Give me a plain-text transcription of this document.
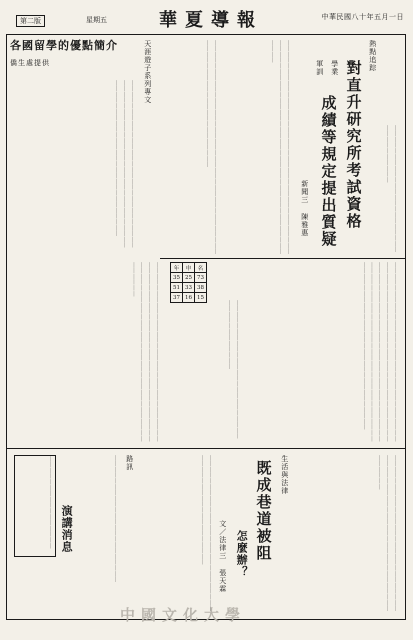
第二版	星期五	華夏導報	中華民國八十年五月一日
熱點追踪
對直升研究所考試資格
學業
軍訓
成績等規定提出質疑
新聞三 陳雅惠
＿＿＿＿＿＿＿＿＿＿＿＿＿＿＿＿＿＿＿＿＿＿＿＿＿＿＿＿＿＿＿＿＿＿＿＿＿＿＿＿＿＿＿＿＿＿＿＿＿＿＿＿＿＿＿＿＿＿＿＿＿＿＿＿＿＿＿＿＿＿＿＿＿＿＿＿＿＿
＿＿＿＿＿＿＿＿＿＿＿＿＿＿＿＿＿＿＿＿＿＿＿＿＿＿＿＿＿＿＿＿
＿＿＿＿＿＿＿＿＿＿＿＿＿＿＿＿＿＿＿＿＿＿＿＿＿＿＿＿＿＿＿＿＿＿＿＿＿＿＿＿＿＿＿＿＿＿＿＿＿＿＿＿＿＿＿＿＿＿＿＿＿＿＿＿＿＿＿＿＿＿＿＿＿＿＿＿＿＿＿＿＿＿＿＿＿＿＿＿＿＿＿＿＿＿＿＿＿＿＿＿＿＿＿＿＿＿＿＿＿＿＿＿＿＿＿＿＿＿＿＿＿＿＿＿＿＿＿＿＿＿＿＿＿＿＿＿＿＿＿＿＿＿＿＿＿＿＿＿＿＿＿＿＿
年	申	名
35	25	73
51	33	38
37	16	15
＿＿＿＿＿＿＿＿＿＿＿＿＿＿＿＿＿＿＿＿＿＿＿＿＿＿＿＿＿＿＿＿＿＿＿＿＿＿＿＿＿＿＿＿＿＿＿＿＿＿＿＿＿＿＿＿＿＿＿
＿＿＿＿＿＿＿＿＿＿＿＿＿＿＿＿＿＿＿＿＿＿＿＿＿＿＿＿＿＿＿＿＿＿＿＿
天涯遊子系列專文
各國留學的優點簡介
僑生處提供
＿＿＿＿＿＿＿＿＿＿＿＿＿＿＿＿＿＿＿＿＿＿＿＿＿＿＿＿＿＿＿＿＿＿＿＿＿＿＿＿＿＿＿＿＿＿＿＿＿＿＿＿＿＿＿＿＿＿＿＿＿＿＿＿＿＿＿＿＿＿＿＿＿＿＿＿＿＿＿＿＿＿＿＿＿
＿＿＿＿＿＿＿＿＿＿＿＿＿＿＿＿＿＿＿＿＿＿＿＿＿＿＿＿＿＿＿＿＿＿＿＿＿＿＿＿＿＿＿＿＿＿＿＿＿＿＿＿＿＿＿＿＿＿＿＿＿＿＿＿＿＿＿＿＿＿＿＿＿＿＿＿＿＿＿＿＿＿＿＿＿＿＿＿＿＿＿＿＿＿＿＿＿＿＿
生活與法律
既成巷道被阻
怎麼辦？
文／法律三 張天霖	＿＿＿＿＿＿＿＿＿＿＿＿＿＿＿＿＿＿＿＿＿＿＿＿＿＿＿＿＿＿＿＿＿＿＿＿＿＿＿＿＿＿＿＿＿＿＿＿＿＿＿＿＿＿＿＿＿＿＿＿
＿＿＿＿＿＿＿＿＿＿＿＿＿＿＿＿＿＿＿＿＿＿＿＿＿＿＿＿＿＿＿＿＿＿＿＿＿＿＿＿＿＿＿＿＿＿
路訊
演講消息
＿＿＿＿＿＿＿＿＿＿＿＿＿＿＿＿	＿＿＿＿＿＿＿＿＿＿＿＿＿＿＿＿＿＿＿＿＿＿
中國文化大學
